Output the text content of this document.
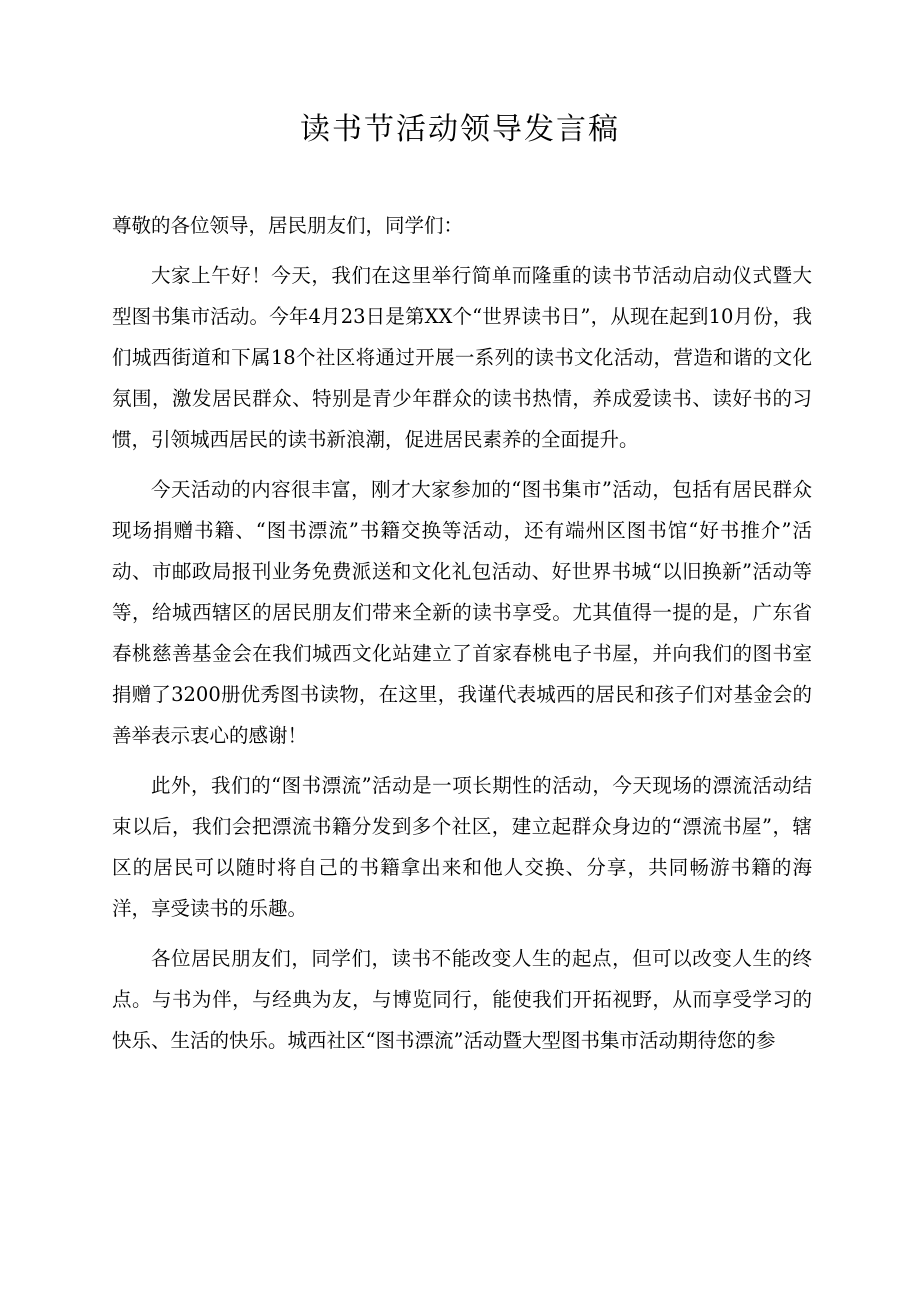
读书节活动领导发言稿

尊敬的各位领导，居民朋友们，同学们：

大家上午好！今天，我们在这里举行简单而隆重的读书节活动启动仪式暨大型图书集市活动。今年4月23日是第XX个“世界读书日”，从现在起到10月份，我们城西街道和下属18个社区将通过开展一系列的读书文化活动，营造和谐的文化氛围，激发居民群众、特别是青少年群众的读书热情，养成爱读书、读好书的习惯，引领城西居民的读书新浪潮，促进居民素养的全面提升。

今天活动的内容很丰富，刚才大家参加的“图书集市”活动，包括有居民群众现场捐赠书籍、“图书漂流”书籍交换等活动，还有端州区图书馆“好书推介”活动、市邮政局报刊业务免费派送和文化礼包活动、好世界书城“以旧换新”活动等等，给城西辖区的居民朋友们带来全新的读书享受。尤其值得一提的是，广东省春桃慈善基金会在我们城西文化站建立了首家春桃电子书屋，并向我们的图书室捐赠了3200册优秀图书读物，在这里，我谨代表城西的居民和孩子们对基金会的善举表示衷心的感谢！

此外，我们的“图书漂流”活动是一项长期性的活动，今天现场的漂流活动结束以后，我们会把漂流书籍分发到多个社区，建立起群众身边的“漂流书屋”，辖区的居民可以随时将自己的书籍拿出来和他人交换、分享，共同畅游书籍的海洋，享受读书的乐趣。

各位居民朋友们，同学们，读书不能改变人生的起点，但可以改变人生的终点。与书为伴，与经典为友，与博览同行，能使我们开拓视野，从而享受学习的快乐、生活的快乐。城西社区“图书漂流”活动暨大型图书集市活动期待您的参
